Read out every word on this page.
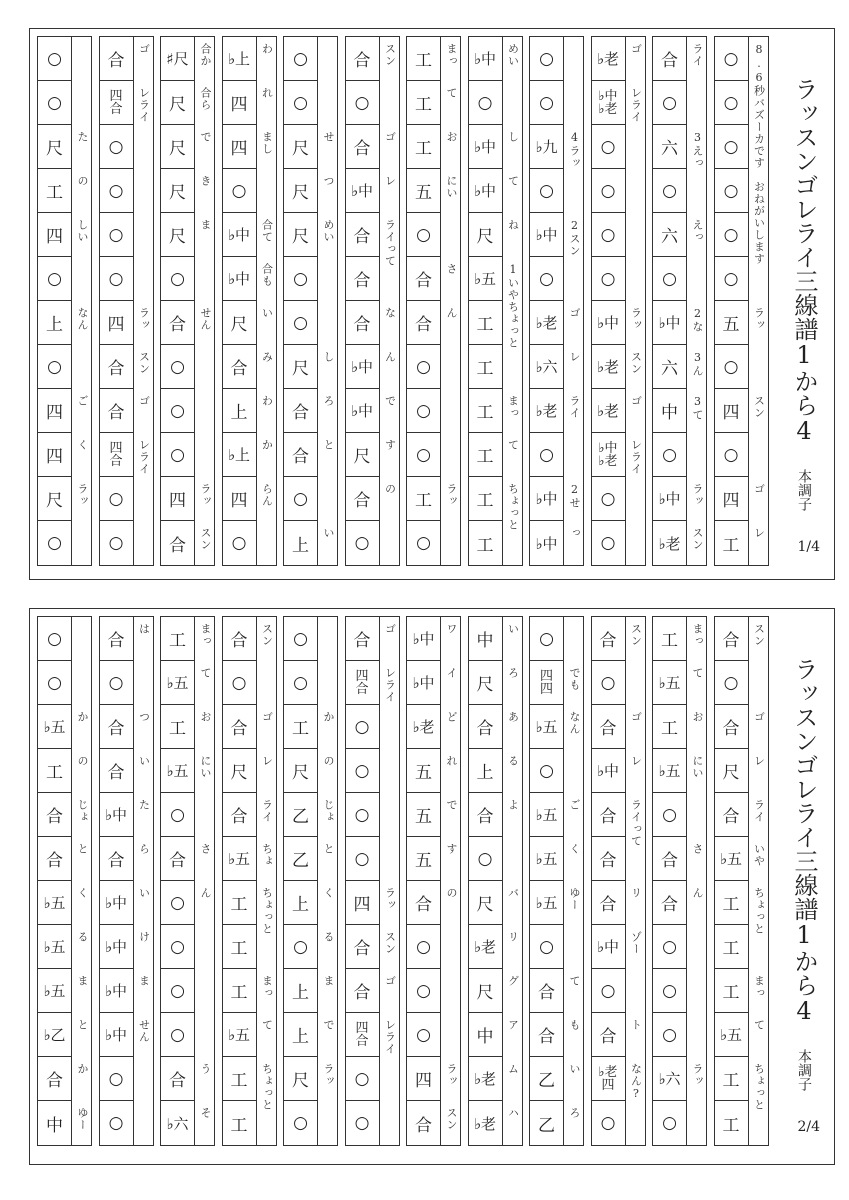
○
○
尺
た
工
の
四	しい
○
上	なん
○
四
ご
四
く
尺	ラッ
○
合
ゴ
四
合	レライ
○
○
○
○
四	ラッ
合	スン
合
ゴ
四
合	レライ
○
○
♯尺 合か
尺	合ら
尺
で
尺
き
尺
ま
○
合	せん
○
○
○
四	ラッ
合	スン
♭上
わ
四
れ
四	まし
○
♭中 合て
♭中 合も
尺
い
合
み
上
わ
♭上
か
四	らん
○
○
○
尺
せ
尺
つ
尺	めい
○
○
尺
し
合
ろ
合
と
○
上
い
合	スン
○
合
ゴ
♭中
レ
合	ライって
合
合
な
♭中
ん
♭中
で
尺
す
合
の
○
工	まっ
工
て
工
お
五	にい
○
合
さ
合
ん
○
○
○
工	ラッ
○
♭中 めい
○
♭中
し
♭中
て
尺
ね
♭五 1いやちょっと
工
工
工	まっ
工
て
工	ちょっと
工
○
○
♭九 4ラッ
○
♭中 2スン
○
♭老
ゴ
♭六
レ
♭老 ライ
○
♭中 2せ
♭中
っ
♭老
ゴ
♭中
♭老	レライ
○
○
○
○
♭中 ラッ
♭老 スン
♭老
ゴ
♭中
♭老	レライ
○
○
合	ライ
○
六	3えっ
○
六	えっ
○
♭中 2な
六	3ん
中	3て
○
♭中 ラッ
♭老 スン
○	8.6秒バズーカです　おねがいします
○
○
○
○
○
五	ラッ
○
四	スン
○
四
ゴ
工
レ
ラッスンゴレライ三線譜1から4
本調子
1/4
○
○
♭五
か
工
の
合	じょ
合
と
♭五
く
♭五
る
♭五
ま
♭乙
と
合
か
中	ゆー
合
は
○
合
つ
合
い
♭中
た
合
ら
♭中
い
♭中
け
♭中
ま
♭中 せん
○
○
工	まっ
♭五
て
工
お
♭五 にい
○
合
さ
○	ん
○
○
○
合
う
♭六
そ
合	スン
○
合
ゴ
尺
レ
合	ライ
♭五 ちょ
工	ちょっと
工
工	まっ
♭五
て
工	ちょっと
工
○
○
工
か
尺
の
乙	じょ
乙
と
上
く
○	る
上
ま
上
で
尺	ラッ
○
合
ゴ
四
合	レライ
○
○
○
○
四	ラッ
合	スン
合
ゴ
四
合	レライ
○
○
♭中
ワ
♭中
イ
♭老
ど
五
れ
五
で
五
す
合
の
○
○
○
四	ラッ
合	スン
中
い
尺
ろ
合
あ
上
る
合
よ
○
尺
バ
♭老
リ
尺
グ
中
ア
♭老
ム
♭老
ハ
○
四
四	でも
♭五 なん
○
♭五
ご
♭五
く
♭五 ゆー
○
合
て
合
も
乙
い
乙
ろ
合	スン
○
合
ゴ
♭中
レ
合	ライって
合
合
リ
♭中 ゾー
○
合
ト
♭老
四	なん?
○
工	まっ
♭五
て
工
お
♭五 にい
○
合
さ
合
ん
○
○
○
♭六 ラッ
○
合	スン
○
合
ゴ
尺
レ
合	ライ
♭五 いや
工	ちょっと
工
工	まっ
♭五
て
工	ちょっと
工
ラッスンゴレライ三線譜1から4
本調子
2/4
